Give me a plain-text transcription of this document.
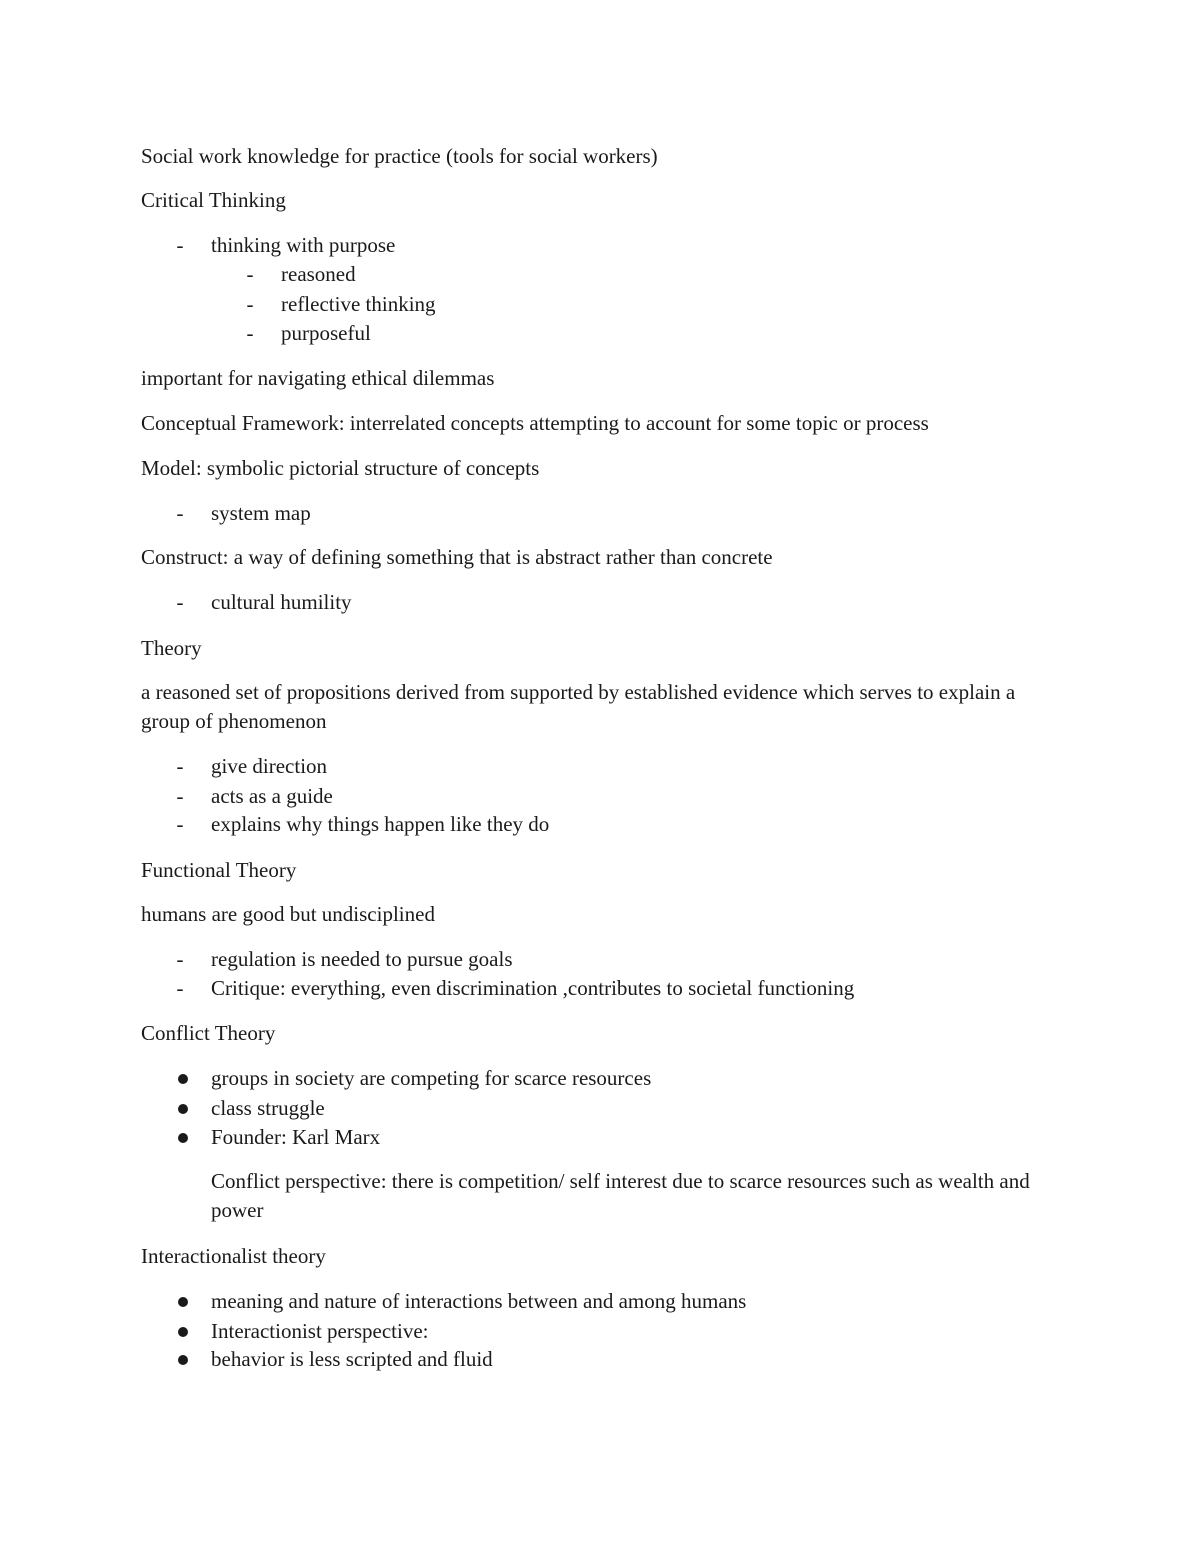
Social work knowledge for practice (tools for social workers)
Critical Thinking
-	thinking with purpose
-	reasoned
-	reflective thinking
-	purposeful
important for navigating ethical dilemmas
Conceptual Framework: interrelated concepts attempting to account for some topic or process
Model: symbolic pictorial structure of concepts
-	system map
Construct: a way of defining something that is abstract rather than concrete
-	cultural humility
Theory
a reasoned set of propositions derived from supported by established evidence which serves to explain a group of phenomenon
-	give direction
-	acts as a guide
-	explains why things happen like they do
Functional Theory
humans are good but undisciplined
-	regulation is needed to pursue goals
-	Critique: everything, even discrimination ,contributes to societal functioning
Conflict Theory
groups in society are competing for scarce resources
class struggle
Founder: Karl Marx
Conflict perspective: there is competition/ self interest due to scarce resources such as wealth and power
Interactionalist theory
meaning and nature of interactions between and among humans
Interactionist perspective:
behavior is less scripted and fluid
